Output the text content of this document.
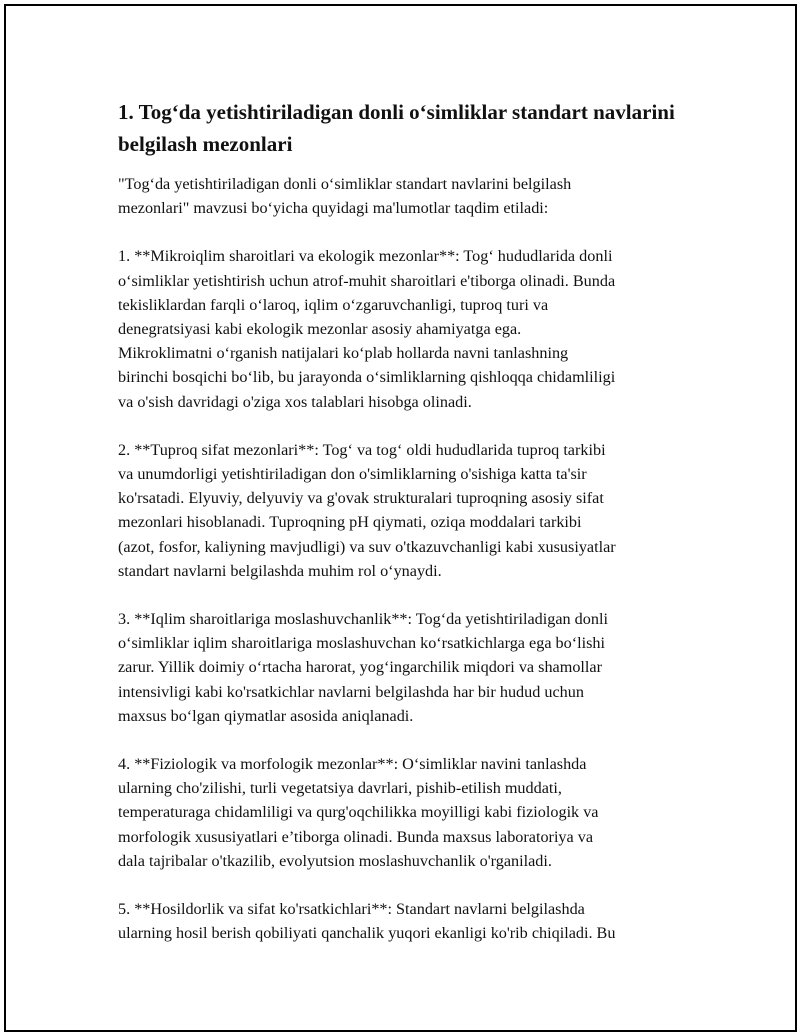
1. Tog‘da yetishtiriladigan donli o‘simliklar standart navlarini
belgilash mezonlari

"Tog‘da yetishtiriladigan donli o‘simliklar standart navlarini belgilash
mezonlari" mavzusi bo‘yicha quyidagi ma'lumotlar taqdim etiladi:

1. **Mikroiqlim sharoitlari va ekologik mezonlar**: Tog‘ hududlarida donli
o‘simliklar yetishtirish uchun atrof-muhit sharoitlari e'tiborga olinadi. Bunda
tekisliklardan farqli o‘laroq, iqlim o‘zgaruvchanligi, tuproq turi va
denegratsiyasi kabi ekologik mezonlar asosiy ahamiyatga ega.
Mikroklimatni o‘rganish natijalari ko‘plab hollarda navni tanlashning
birinchi bosqichi bo‘lib, bu jarayonda o‘simliklarning qishloqqa chidamliligi
va o'sish davridagi o'ziga xos talablari hisobga olinadi.

2. **Tuproq sifat mezonlari**: Tog‘ va tog‘ oldi hududlarida tuproq tarkibi
va unumdorligi yetishtiriladigan don o'simliklarning o'sishiga katta ta'sir
ko'rsatadi. Elyuviy, delyuviy va g'ovak strukturalari tuproqning asosiy sifat
mezonlari hisoblanadi. Tuproqning pH qiymati, oziqa moddalari tarkibi
(azot, fosfor, kaliyning mavjudligi) va suv o'tkazuvchanligi kabi xususiyatlar
standart navlarni belgilashda muhim rol o‘ynaydi.

3. **Iqlim sharoitlariga moslashuvchanlik**: Tog‘da yetishtiriladigan donli
o‘simliklar iqlim sharoitlariga moslashuvchan ko‘rsatkichlarga ega bo‘lishi
zarur. Yillik doimiy o‘rtacha harorat, yog‘ingarchilik miqdori va shamollar
intensivligi kabi ko'rsatkichlar navlarni belgilashda har bir hudud uchun
maxsus bo‘lgan qiymatlar asosida aniqlanadi.

4. **Fiziologik va morfologik mezonlar**: O‘simliklar navini tanlashda
ularning cho'zilishi, turli vegetatsiya davrlari, pishib-etilish muddati,
temperaturaga chidamliligi va qurg'oqchilikka moyilligi kabi fiziologik va
morfologik xususiyatlari e’tiborga olinadi. Bunda maxsus laboratoriya va
dala tajribalar o'tkazilib, evolyutsion moslashuvchanlik o'rganiladi.

5. **Hosildorlik va sifat ko'rsatkichlari**: Standart navlarni belgilashda
ularning hosil berish qobiliyati qanchalik yuqori ekanligi ko'rib chiqiladi. Bu
